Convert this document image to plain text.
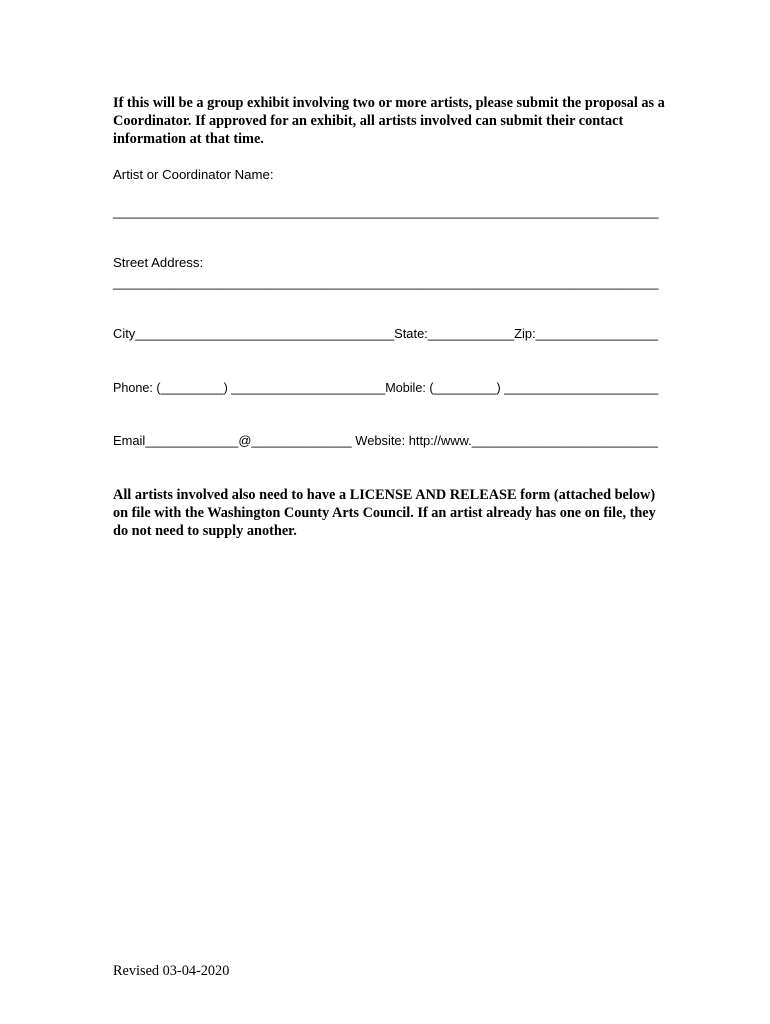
If this will be a group exhibit involving two or more artists, please submit the proposal as a Coordinator. If approved for an exhibit, all artists involved can submit their contact information at that time.
Artist or Coordinator Name:
_______________________________________________________________________________
Street Address:
_______________________________________________________________________________
City____________________________________State:____________Zip:_________________
Phone: (_________) ______________________Mobile: (_________) ______________________
Email_____________@______________ Website: http://www.__________________________
All artists involved also need to have a LICENSE AND RELEASE form (attached below) on file with the Washington County Arts Council. If an artist already has one on file, they do not need to supply another.
Revised 03-04-2020
